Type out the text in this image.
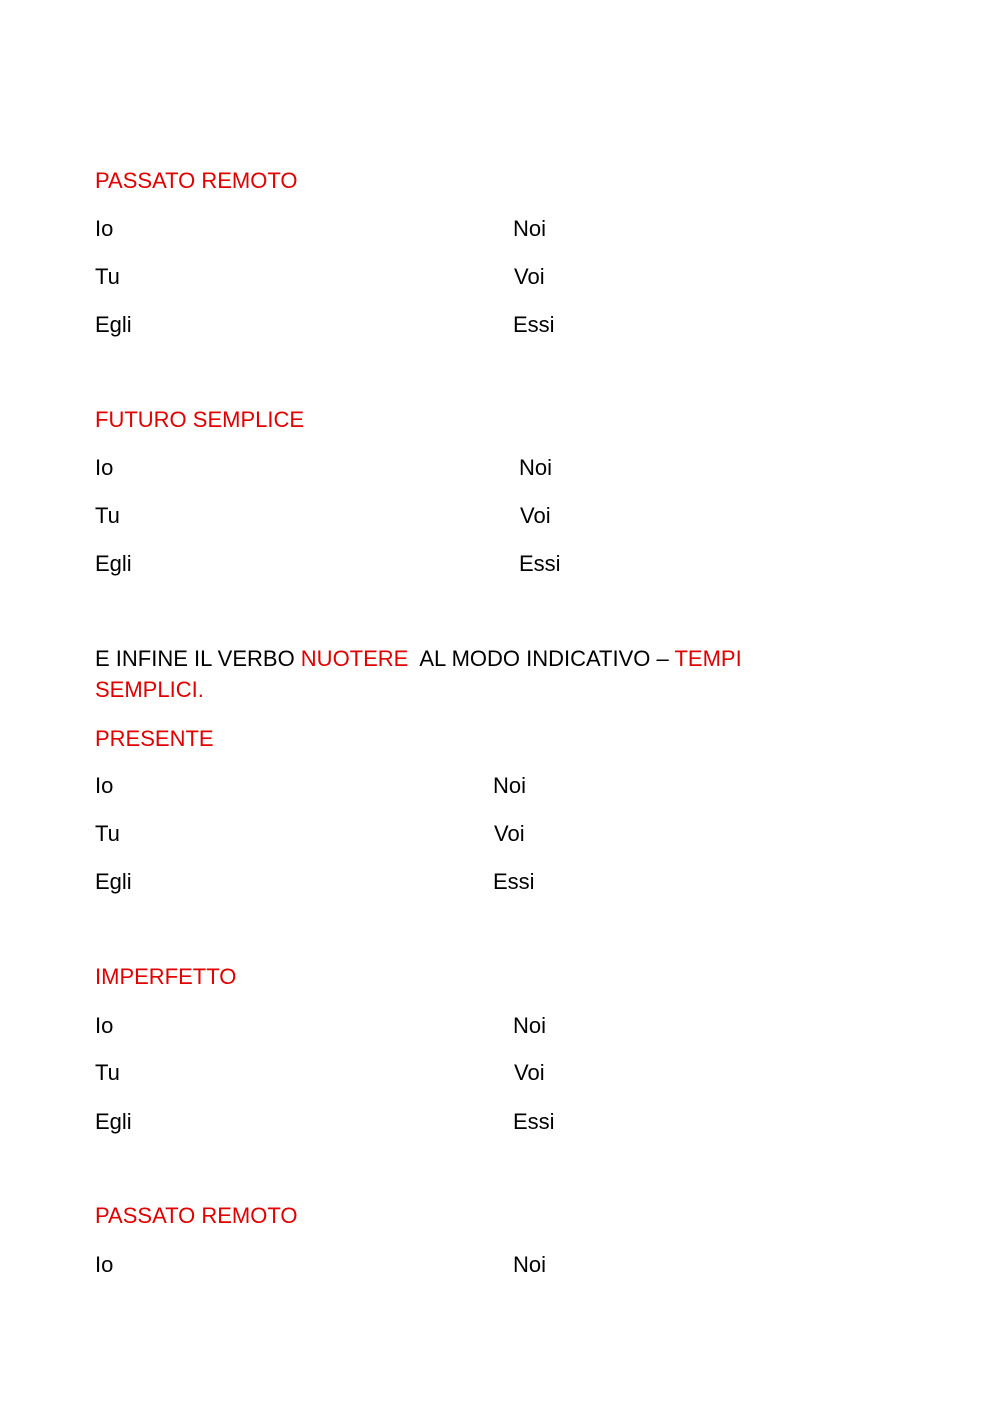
PASSATO REMOTO

Io	Noi

Tu	Voi

Egli	Essi

FUTURO SEMPLICE

Io	Noi

Tu	Voi

Egli	Essi

E INFINE IL VERBO NUOTERE  AL MODO INDICATIVO – TEMPI

SEMPLICI.

PRESENTE

Io	Noi

Tu	Voi

Egli	Essi

IMPERFETTO

Io	Noi

Tu	Voi

Egli	Essi

PASSATO REMOTO

Io	Noi
